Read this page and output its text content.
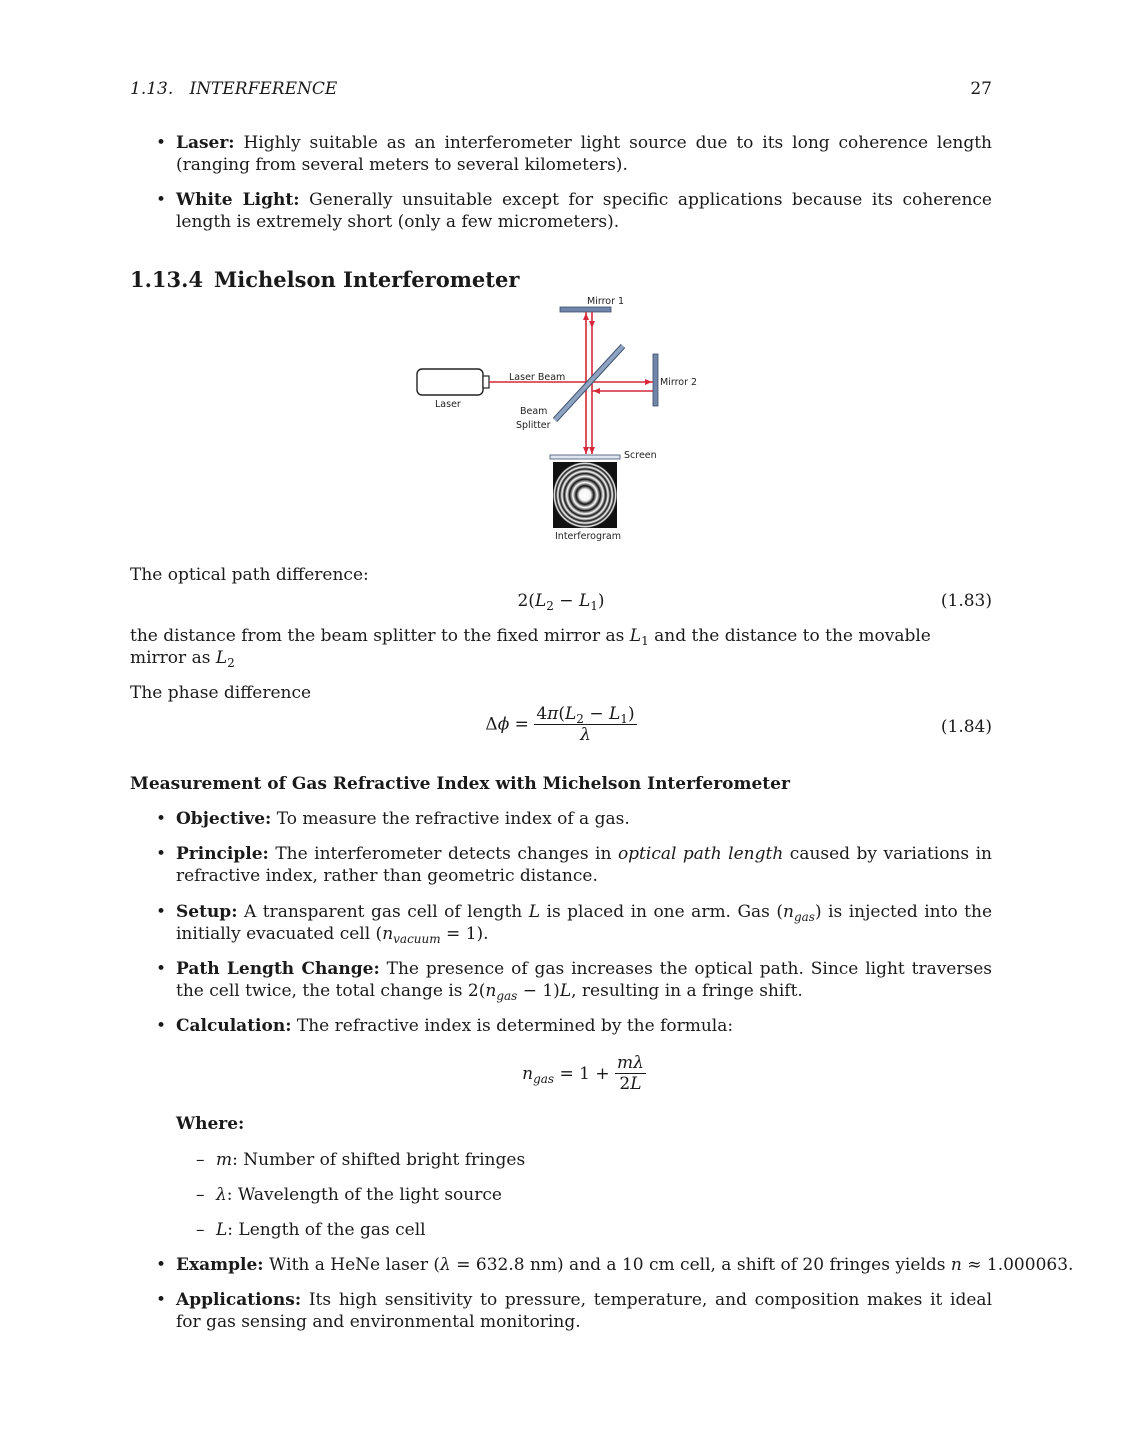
1.13.   INTERFERENCE	27
• Laser: Highly suitable as an interferometer light source due to its long coherence length (ranging from several meters to several kilometers).
• White Light: Generally unsuitable except for specific applications because its coherence length is extremely short (only a few micrometers).
1.13.4 Michelson Interferometer
Mirror 1
Mirror 2
Laser
Laser Beam
Beam
Splitter
Screen
Interferogram
The optical path difference:
$2(L_2 - L_1)$	(1.83)
the distance from the beam splitter to the fixed mirror as $L_1$ and the distance to the movable mirror as $L_2$
The phase difference
$\Delta\phi = \frac{4\pi(L_2 - L_1)}{\lambda}$	(1.84)
Measurement of Gas Refractive Index with Michelson Interferometer
• Objective: To measure the refractive index of a gas.
• Principle: The interferometer detects changes in optical path length caused by variations in refractive index, rather than geometric distance.
• Setup: A transparent gas cell of length L is placed in one arm. Gas $(n_{gas})$ is injected into the initially evacuated cell $(n_{vacuum} = 1)$.
• Path Length Change: The presence of gas increases the optical path. Since light traverses the cell twice, the total change is $2(n_{gas} - 1)L$, resulting in a fringe shift.
• Calculation: The refractive index is determined by the formula:
$n_{gas} = 1 + \frac{m\lambda}{2L}$
Where:
– m: Number of shifted bright fringes
– λ: Wavelength of the light source
– L: Length of the gas cell
• Example: With a HeNe laser (λ = 632.8 nm) and a 10 cm cell, a shift of 20 fringes yields n ≈ 1.000063.
• Applications: Its high sensitivity to pressure, temperature, and composition makes it ideal for gas sensing and environmental monitoring.
